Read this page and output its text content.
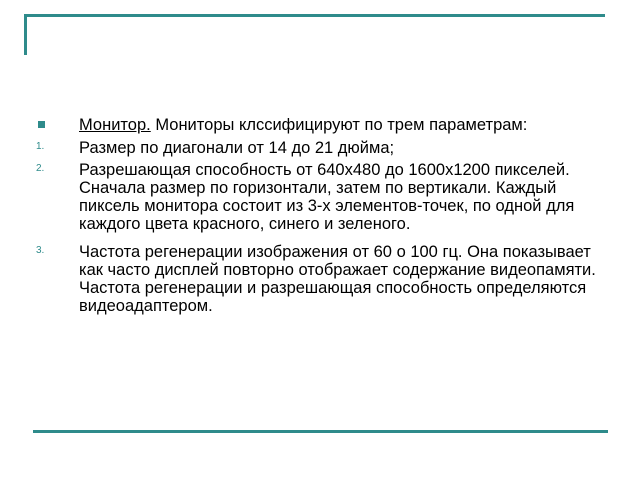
Монитор. Мониторы клссифицируют по трем параметрам:
1. Размер по диагонали от 14 до 21 дюйма;
2. Разрешающая способность от 640х480 до 1600х1200 пикселей. Сначала размер по горизонтали, затем по вертикали. Каждый пиксель монитора состоит из 3-х элементов-точек, по одной для каждого цвета красного, синего и зеленого.
3. Частота регенерации изображения от 60 о 100 гц. Она показывает как часто дисплей повторно отображает содержание видеопамяти. Частота регенерации и разрешающая способность определяются видеоадаптером.
